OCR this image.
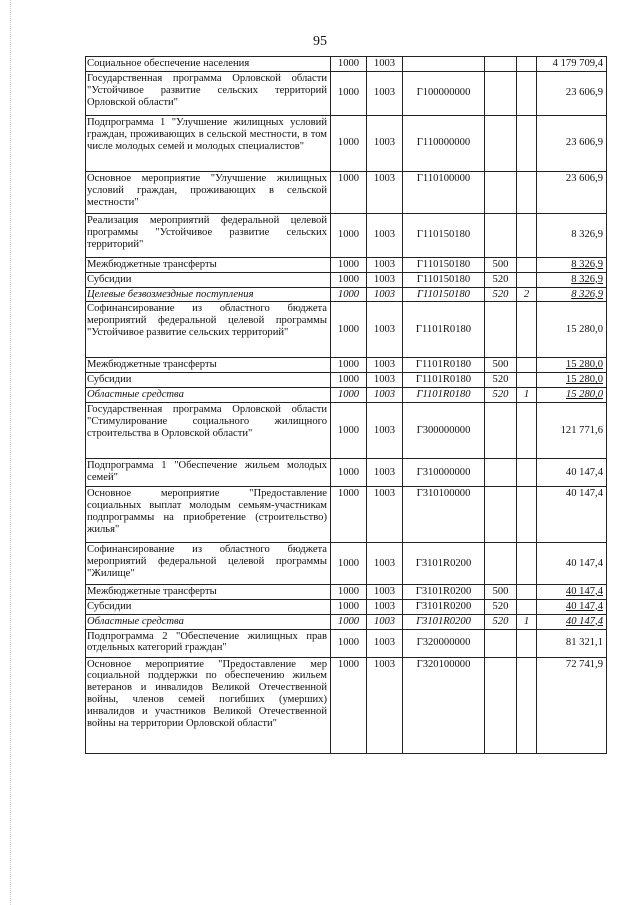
95
Социальное обеспечение населения	1000	1003				4 179 709,4
Государственная программа Орловской области "Устойчивое развитие сельских территорий Орловской области"	1000	1003	Г100000000			23 606,9
Подпрограмма 1 "Улучшение жилищных условий граждан, проживающих в сельской местности, в том числе молодых семей и молодых специалистов"	1000	1003	Г110000000			23 606,9
Основное мероприятие "Улучшение жилищных условий граждан, проживающих в сельской местности"	1000	1003	Г110100000			23 606,9
Реализация мероприятий федеральной целевой программы "Устойчивое развитие сельских территорий"	1000	1003	Г110150180			8 326,9
Межбюджетные трансферты	1000	1003	Г110150180	500		8 326,9
Субсидии	1000	1003	Г110150180	520		8 326,9
Целевые безвозмездные поступления	1000	1003	Г110150180	520	2	8 326,9
Софинансирование из областного бюджета мероприятий федеральной целевой программы "Устойчивое развитие сельских территорий"	1000	1003	Г1101R0180			15 280,0
Межбюджетные трансферты	1000	1003	Г1101R0180	500		15 280,0
Субсидии	1000	1003	Г1101R0180	520		15 280,0
Областные средства	1000	1003	Г1101R0180	520	1	15 280,0
Государственная программа Орловской области "Стимулирование социального жилищного строительства в Орловской области"	1000	1003	Г300000000			121 771,6
Подпрограмма 1 "Обеспечение жильем молодых семей"	1000	1003	Г310000000			40 147,4
Основное мероприятие "Предоставление социальных выплат молодым семьям-участникам подпрограммы на приобретение (строительство) жилья"	1000	1003	Г310100000			40 147,4
Софинансирование из областного бюджета мероприятий федеральной целевой программы "Жилище"	1000	1003	Г3101R0200			40 147,4
Межбюджетные трансферты	1000	1003	Г3101R0200	500		40 147,4
Субсидии	1000	1003	Г3101R0200	520		40 147,4
Областные средства	1000	1003	Г3101R0200	520	1	40 147,4
Подпрограмма 2 "Обеспечение жилищных прав отдельных категорий граждан"	1000	1003	Г320000000			81 321,1
Основное мероприятие "Предоставление мер социальной поддержки по обеспечению жильем ветеранов и инвалидов Великой Отечественной войны, членов семей погибших (умерших) инвалидов и участников Великой Отечественной войны на территории Орловской области"	1000	1003	Г320100000			72 741,9
